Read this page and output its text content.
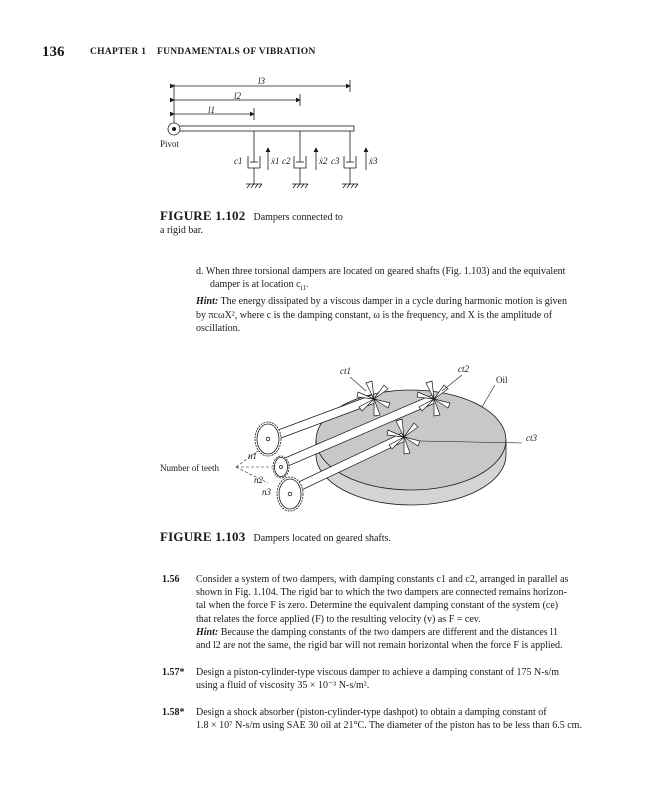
136	CHAPTER 1 FUNDAMENTALS OF VIBRATION
l3
l2
l1
Pivot
c1	ẋ1 c2	ẋ2 c3	ẋ3
FIGURE 1.102 Dampers connected to
a rigid bar.
d. When three torsional dampers are located on geared shafts (Fig. 1.103) and the equivalent
damper is at location $c_{t1}$.
Hint: The energy dissipated by a viscous damper in a cycle during harmonic motion is given
by πcωX², where c is the damping constant, ω is the frequency, and X is the amplitude of
oscillation.
ct1	ct2
Oil
ct3
n1
n2
n3
Number of teeth
FIGURE 1.103 Dampers located on geared shafts.
1.56 Consider a system of two dampers, with damping constants c1 and c2, arranged in parallel as
shown in Fig. 1.104. The rigid bar to which the two dampers are connected remains horizon-
tal when the force F is zero. Determine the equivalent damping constant of the system (ce)
that relates the force applied (F) to the resulting velocity (v) as F = cev.
Hint: Because the damping constants of the two dampers are different and the distances l1
and l2 are not the same, the rigid bar will not remain horizontal when the force F is applied.
1.57* Design a piston-cylinder-type viscous damper to achieve a damping constant of 175 N-s/m
using a fluid of viscosity 35 × 10⁻³ N-s/m².
1.58* Design a shock absorber (piston-cylinder-type dashpot) to obtain a damping constant of
1.8 × 10⁷ N-s/m using SAE 30 oil at 21°C. The diameter of the piston has to be less than 6.5 cm.
